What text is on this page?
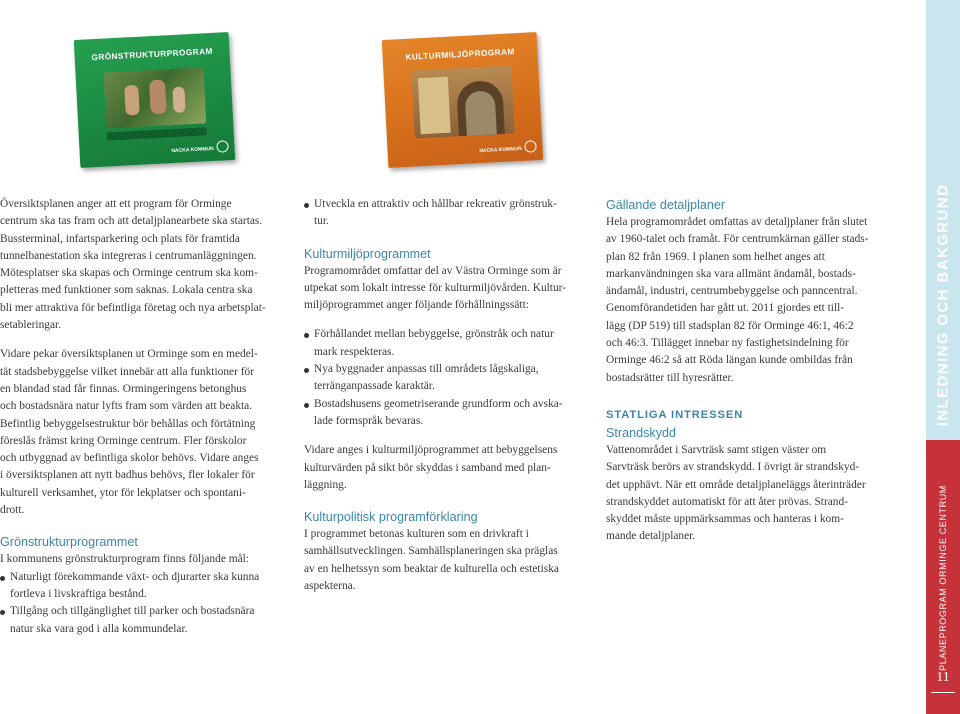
GRÖNSTRUKTURPROGRAM
NACKA KOMMUN
KULTURMILJÖPROGRAM
NACKA KOMMUN

Översiktsplanen anger att ett program för Orminge
centrum ska tas fram och att detaljplanearbete ska startas.
Bussterminal, infartsparkering och plats för framtida
tunnelbanestation ska integreras i centrumanläggningen.
Mötesplatser ska skapas och Orminge centrum ska kom-
pletteras med funktioner som saknas. Lokala centra ska
bli mer attraktiva för befintliga företag och nya arbetsplat-
setableringar.

Vidare pekar översiktsplanen ut Orminge som en medel-
tät stadsbebyggelse vilket innebär att alla funktioner för
en blandad stad får finnas. Ormingeringens betonghus
och bostadsnära natur lyfts fram som värden att beakta.
Befintlig bebyggelsestruktur bör behållas och förtätning
föreslås främst kring Orminge centrum. Fler förskolor
och utbyggnad av befintliga skolor behövs. Vidare anges
i översiktsplanen att nytt badhus behövs, fler lokaler för
kulturell verksamhet, ytor för lekplatser och spontani-
drott.

Grönstrukturprogrammet

I kommunens grönstrukturprogram finns följande mål:

Naturligt förekommande växt- och djurarter ska kunna
fortleva i livskraftiga bestånd.
Tillgång och tillgänglighet till parker och bostadsnära
natur ska vara god i alla kommundelar.
Utveckla en attraktiv och hållbar rekreativ grönstruk-
tur.
Kulturmiljöprogrammet

Programområdet omfattar del av Västra Orminge som är
utpekat som lokalt intresse för kulturmiljövården. Kultur-
miljöprogrammet anger följande förhållningssätt:

Förhållandet mellan bebyggelse, grönstråk och natur
mark respekteras.
Nya byggnader anpassas till områdets lågskaliga,
terränganpassade karaktär.
Bostadshusens geometriserande grundform och avska-
lade formspråk bevaras.

Vidare anges i kulturmiljöprogrammet att bebyggelsens
kulturvärden på sikt bör skyddas i samband med plan-
läggning.

Kulturpolitisk programförklaring

I programmet betonas kulturen som en drivkraft i
samhällsutvecklingen. Samhällsplaneringen ska präglas
av en helhetssyn som beaktar de kulturella och estetiska
aspekterna.

Gällande detaljplaner

Hela programområdet omfattas av detaljplaner från slutet
av 1960-talet och framåt. För centrumkärnan gäller stads-
plan 82 från 1969. I planen som helhet anges att
markanvändningen ska vara allmänt ändamål, bostads-
ändamål, industri, centrumbebyggelse och panncentral.
Genomförandetiden har gått ut. 2011 gjordes ett till-
lägg (DP 519) till stadsplan 82 för Orminge 46:1, 46:2
och 46:3. Tillägget innebar ny fastighetsindelning för
Orminge 46:2 så att Röda längan kunde ombildas från
bostadsrätter till hyresrätter.

STATLIGA INTRESSEN
Strandskydd

Vattenområdet i Sarvträsk samt stigen väster om
Sarvträsk berörs av strandskydd. I övrigt är strandskyd-
det upphävt. När ett område detaljplaneläggs återinträder
strandskyddet automatiskt för att åter prövas. Strand-
skyddet måste uppmärksammas och hanteras i kom-
mande detaljplaner.

INLEDNING OCH BAKGRUND
PLANEPROGRAM ORMINGE CENTRUM
11
